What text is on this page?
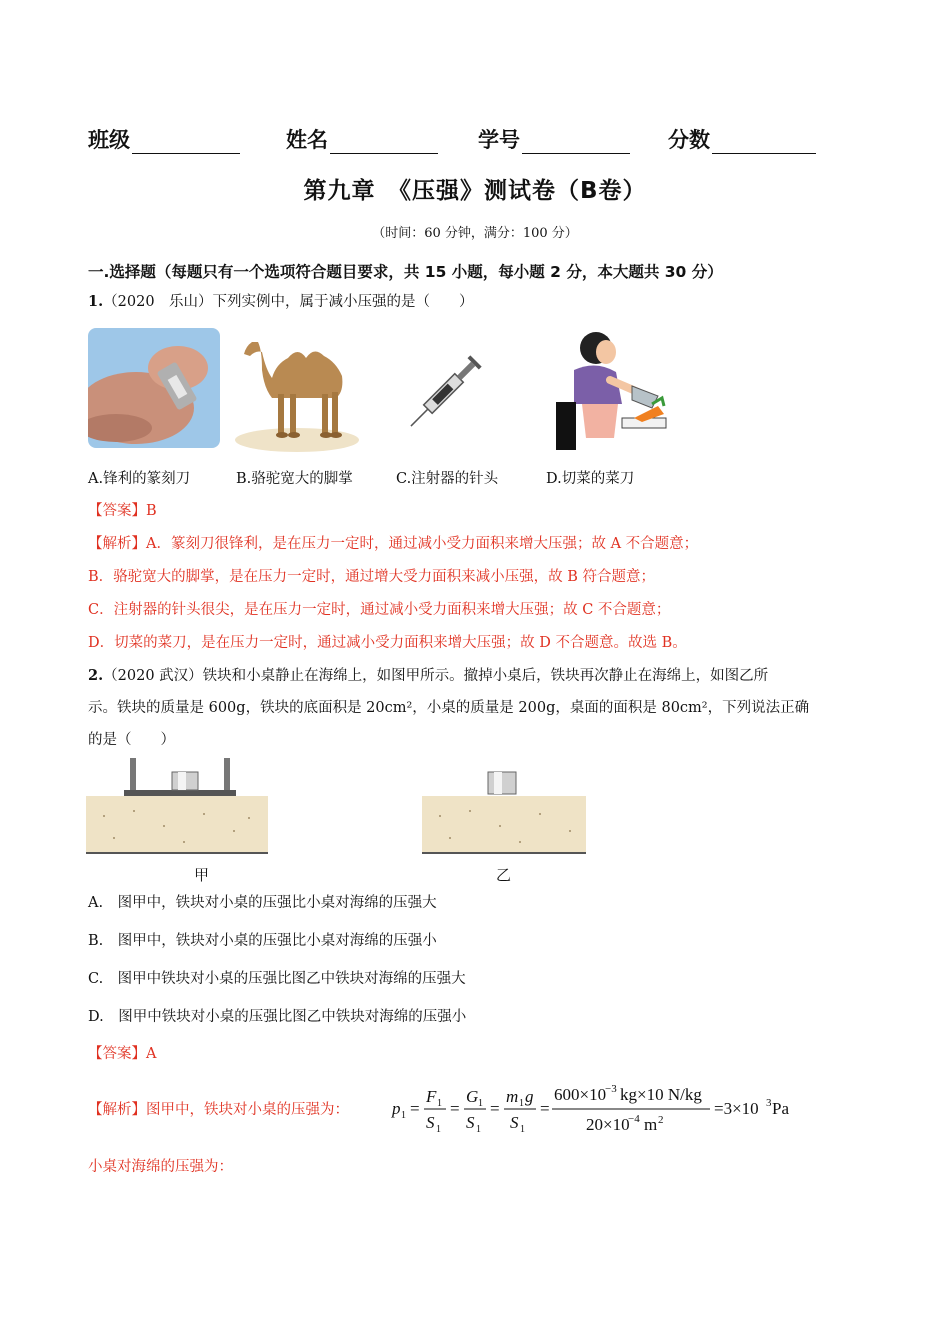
班级	姓名	学号	分数
第九章　《压强》测试卷（B卷）
（时间：60 分钟，满分：100 分）
一.选择题（每题只有一个选项符合题目要求，共 15 小题，每小题 2 分，本大题共 30 分）
1.（2020　乐山）下列实例中，属于减小压强的是（　　）
A.锋利的篆刻刀	B.骆驼宽大的脚掌	C.注射器的针头	D.切菜的菜刀
【答案】B
【解析】A．篆刻刀很锋利，是在压力一定时，通过减小受力面积来增大压强；故 A 不合题意；
B．骆驼宽大的脚掌，是在压力一定时，通过增大受力面积来减小压强，故 B 符合题意；
C．注射器的针头很尖，是在压力一定时，通过减小受力面积来增大压强；故 C 不合题意；
D．切菜的菜刀，是在压力一定时，通过减小受力面积来增大压强；故 D 不合题意。故选 B。
2.（2020 武汉）铁块和小桌静止在海绵上，如图甲所示。撤掉小桌后，铁块再次静止在海绵上，如图乙所
示。铁块的质量是 600g，铁块的底面积是 20cm²，小桌的质量是 200g，桌面的面积是 80cm²，下列说法正确
的是（　　）
甲	乙
A.　图甲中，铁块对小桌的压强比小桌对海绵的压强大
B.　图甲中，铁块对小桌的压强比小桌对海绵的压强小
C.　图甲中铁块对小桌的压强比图乙中铁块对海绵的压强大
D.　图甲中铁块对小桌的压强比图乙中铁块对海绵的压强小
【答案】A
【解析】图甲中，铁块对小桌的压强为：	p 1 =
F 1
S 1
=
G 1
S 1
=
m 1 g
S 1
=
600×10
−3 kg×10 N/kg
20×10
−4 m 2
=3×10 3 Pa
小桌对海绵的压强为：
